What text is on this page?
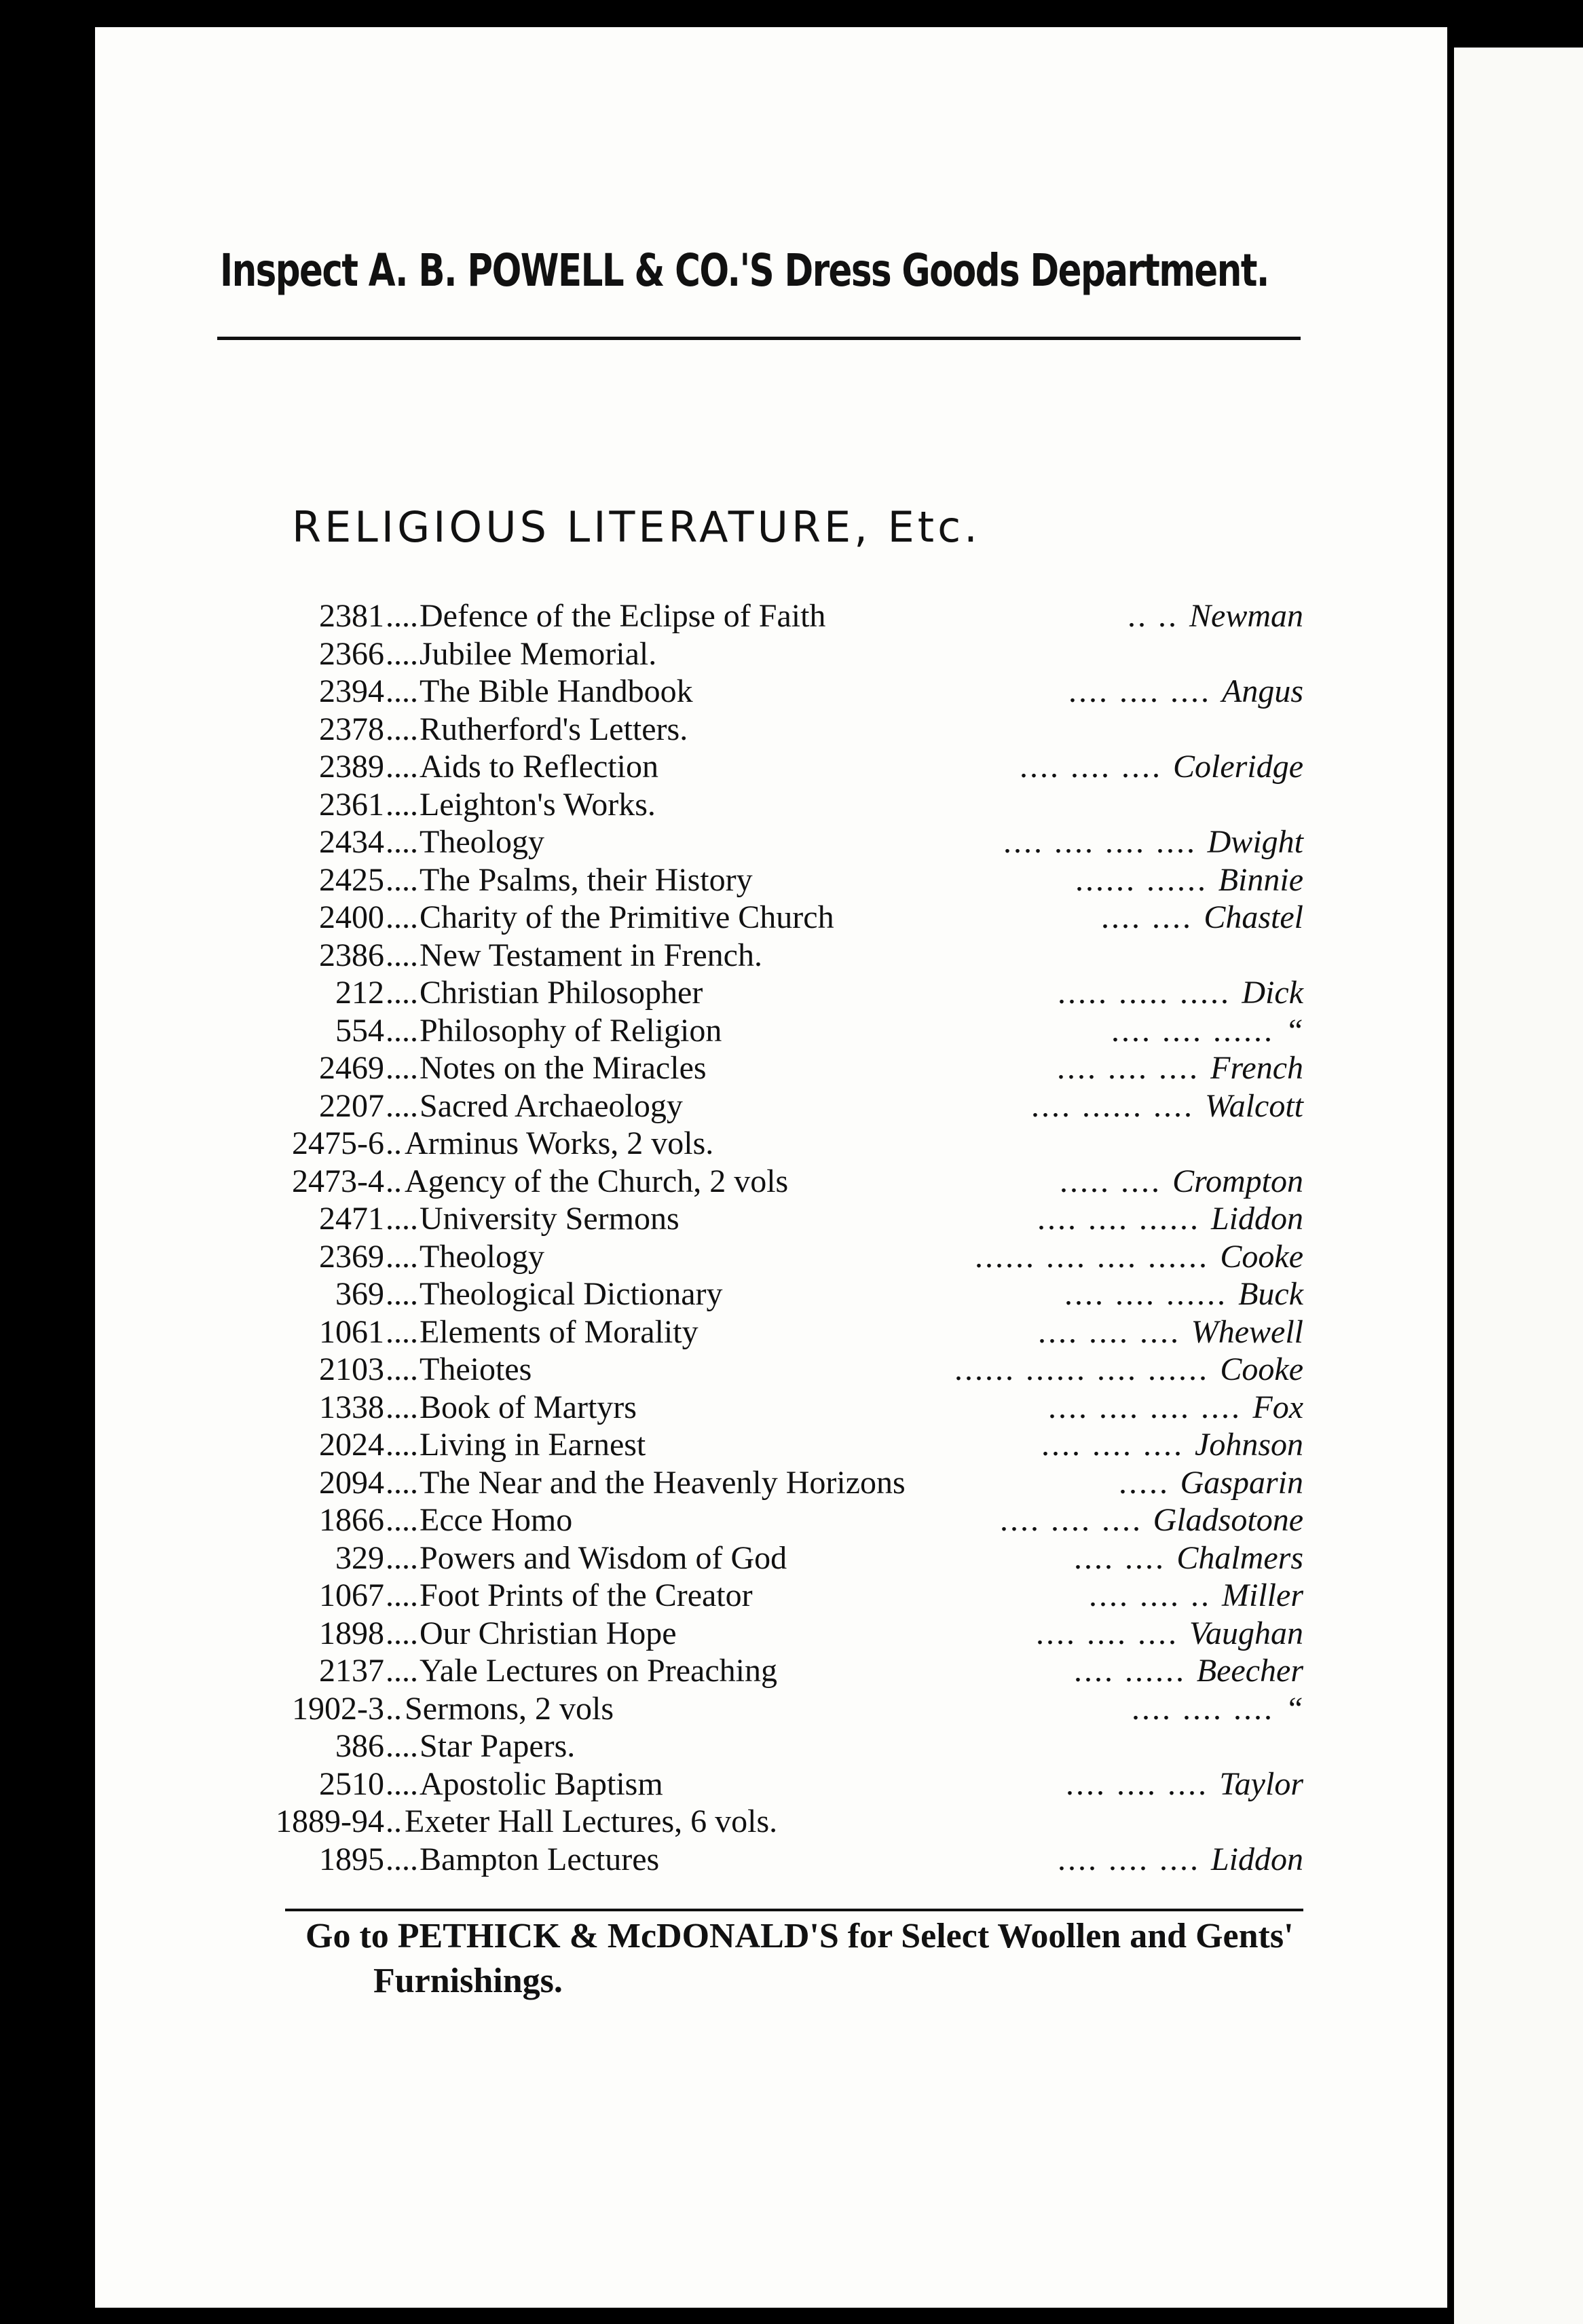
Inspect A. B. POWELL & CO.'S Dress Goods Department.
RELIGIOUS LITERATURE, Etc.
2381 .... Defence of the Eclipse of Faith	.. .. Newman
2366 .... Jubilee Memorial.
2394 .... The Bible Handbook	.... .... .... Angus
2378 .... Rutherford's Letters.
2389 .... Aids to Reflection	.... .... .... Coleridge
2361 .... Leighton's Works.
2434 .... Theology	.... .... .... .... Dwight
2425 .... The Psalms, their History	...... ...... Binnie
2400 .... Charity of the Primitive Church	.... .... Chastel
2386 .... New Testament in French.
212 .... Christian Philosopher	..... ..... ..... Dick
554 .... Philosophy of Religion	.... .... ...... “
2469 .... Notes on the Miracles	.... .... .... French
2207 .... Sacred Archaeology	.... ...... .... Walcott
2475-6 .. Arminus Works, 2 vols.
2473-4 .. Agency of the Church, 2 vols	..... .... Crompton
2471 .... University Sermons	.... .... ...... Liddon
2369 .... Theology	...... .... .... ...... Cooke
369 .... Theological Dictionary	.... .... ...... Buck
1061 .... Elements of Morality	.... .... .... Whewell
2103 .... Theiotes	...... ...... .... ...... Cooke
1338 .... Book of Martyrs	.... .... .... .... Fox
2024 .... Living in Earnest	.... .... .... Johnson
2094 .... The Near and the Heavenly Horizons	..... Gasparin
1866 .... Ecce Homo	.... .... .... Gladsotone
329 .... Powers and Wisdom of God	.... .... Chalmers
1067 .... Foot Prints of the Creator	.... .... .. Miller
1898 .... Our Christian Hope	.... .... .... Vaughan
2137 .... Yale Lectures on Preaching	.... ...... Beecher
1902-3 .. Sermons, 2 vols	.... .... .... “
386 .... Star Papers.
2510 .... Apostolic Baptism	.... .... .... Taylor
1889-94 .. Exeter Hall Lectures, 6 vols.
1895 .... Bampton Lectures	.... .... .... Liddon
Go to PETHICK & McDONALD'S for Select Woollen and Gents'
Furnishings.
